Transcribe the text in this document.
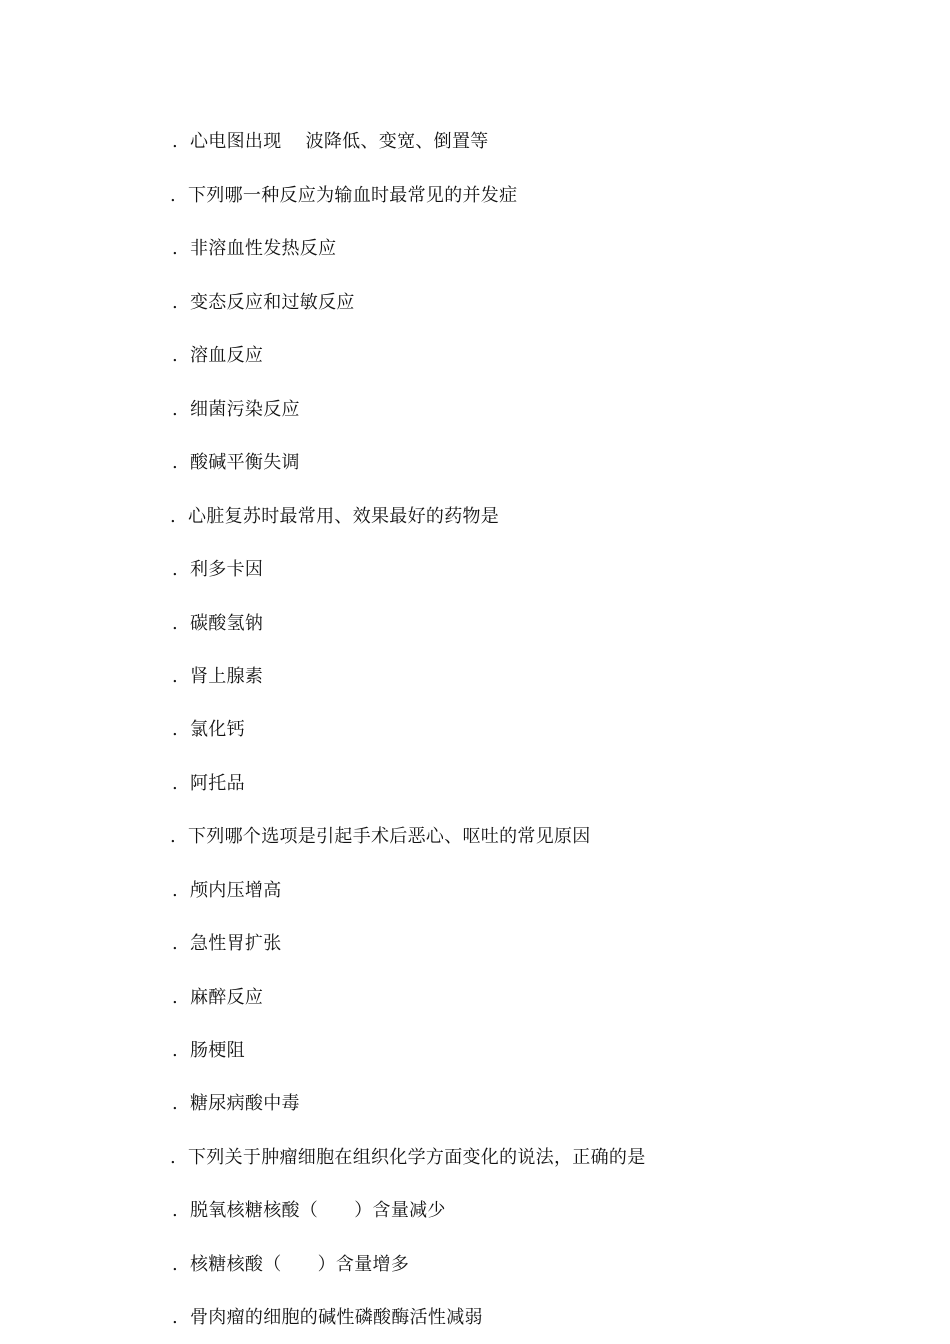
. 心电图出现    波降低、变宽、倒置等
. 下列哪一种反应为输血时最常见的并发症
. 非溶血性发热反应
. 变态反应和过敏反应
. 溶血反应
. 细菌污染反应
. 酸碱平衡失调
. 心脏复苏时最常用、效果最好的药物是
. 利多卡因
. 碳酸氢钠
. 肾上腺素
. 氯化钙
. 阿托品
. 下列哪个选项是引起手术后恶心、呕吐的常见原因
. 颅内压增高
. 急性胃扩张
. 麻醉反应
. 肠梗阻
. 糖尿病酸中毒
. 下列关于肿瘤细胞在组织化学方面变化的说法，正确的是
. 脱氧核糖核酸（      ）含量减少
. 核糖核酸（      ）含量增多
. 骨肉瘤的细胞的碱性磷酸酶活性减弱
